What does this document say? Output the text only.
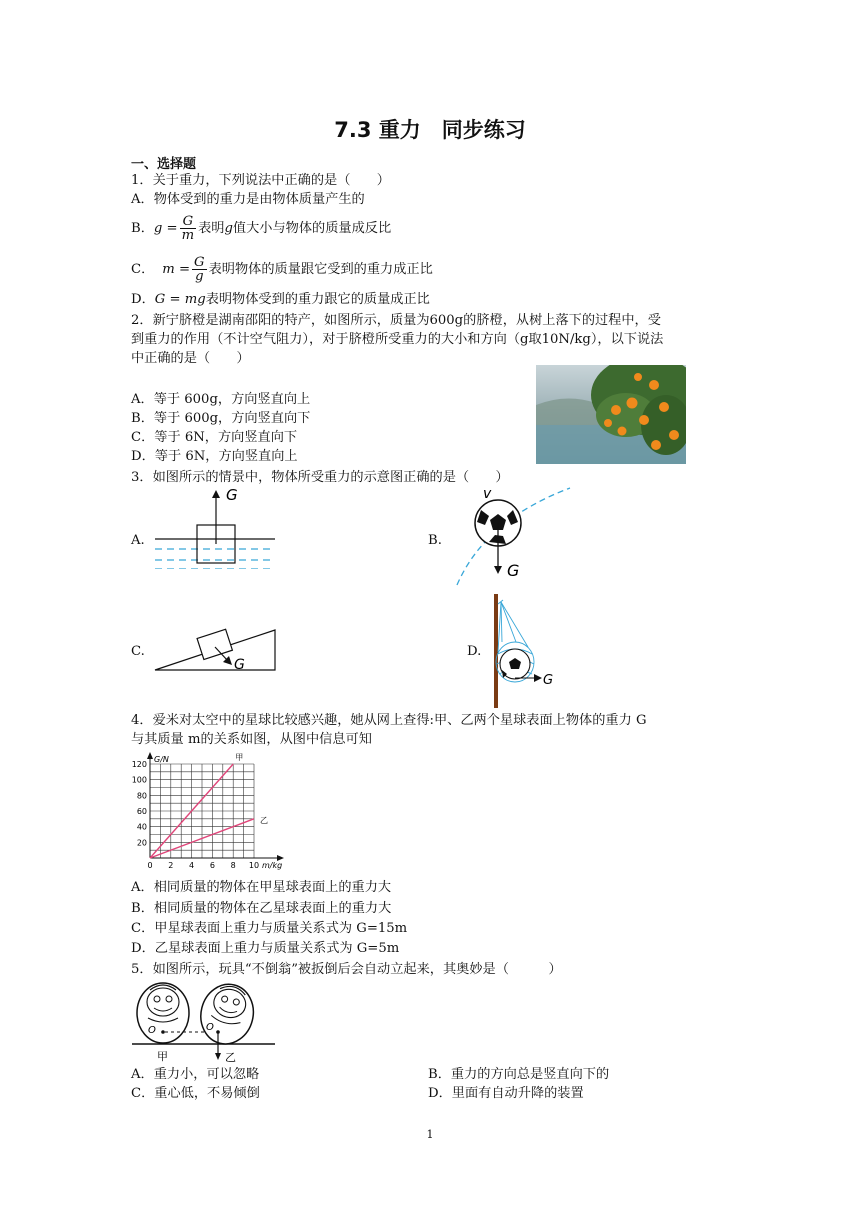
7.3 重力　同步练习
一、选择题
1．关于重力，下列说法中正确的是（　　）
A．物体受到的重力是由物体质量产生的
B． $g = \frac{G}{m}$ 表明 g 值大小与物体的质量成反比
C． $m = \frac{G}{g}$ 表明物体的质量跟它受到的重力成正比
D．G = mg表明物体受到的重力跟它的质量成正比
2．新宁脐橙是湖南邵阳的特产，如图所示，质量为600g的脐橙，从树上落下的过程中，受
到重力的作用（不计空气阻力），对于脐橙所受重力的大小和方向（g取10N/kg），以下说法
中正确的是（　　）
A．等于 600g，方向竖直向上
B．等于 600g，方向竖直向下
C．等于 6N，方向竖直向下
D．等于 6N，方向竖直向上
3．如图所示的情景中，物体所受重力的示意图正确的是（　　）
A.
G
B.
G
v
C.
G
D.
G
4．爱米对太空中的星球比较感兴趣，她从网上查得:甲、乙两个星球表面上物体的重力 G
与其质量 m的关系如图，从图中信息可知
0 2 4 6 8 10
20
40
60
80
100
120
m/kg
G/N	甲
乙
A．相同质量的物体在甲星球表面上的重力大
B．相同质量的物体在乙星球表面上的重力大
C．甲星球表面上重力与质量关系式为 G=15m
D．乙星球表面上重力与质量关系式为 G=5m
5．如图所示，玩具“不倒翁”被扳倒后会自动立起来，其奥妙是（　　　）
O	O
甲	乙
A．重力小，可以忽略	B．重力的方向总是竖直向下的
C．重心低，不易倾倒	D．里面有自动升降的装置
1
